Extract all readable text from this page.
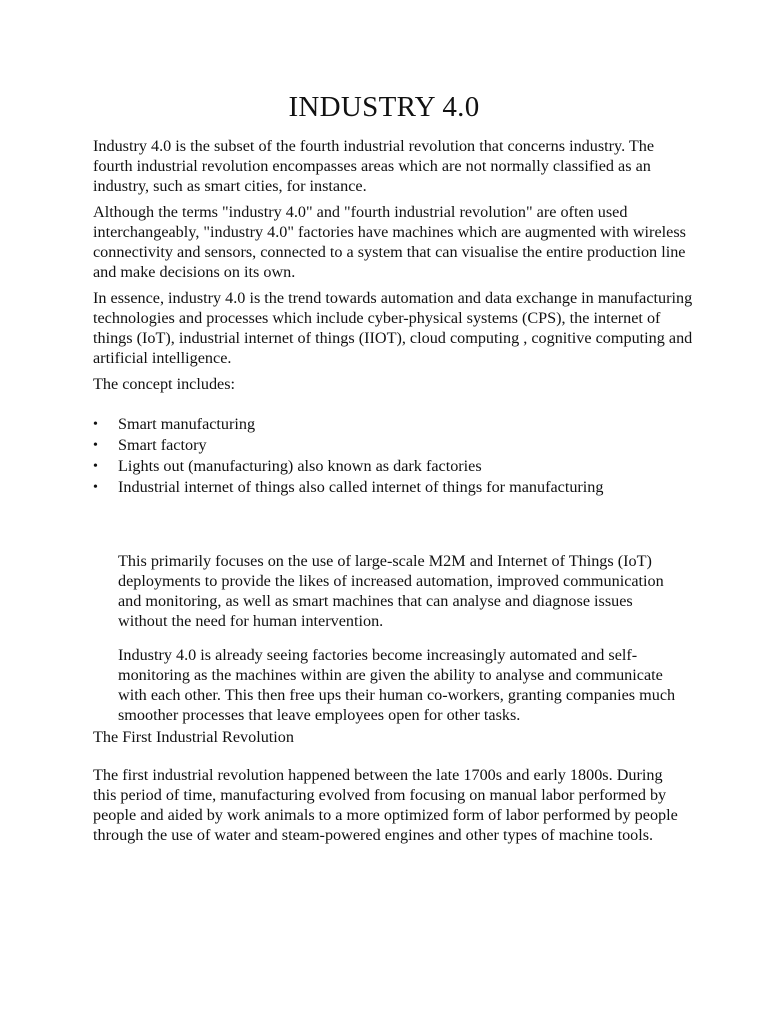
INDUSTRY 4.0

Industry 4.0 is the subset of the fourth industrial revolution that concerns industry. The fourth industrial revolution encompasses areas which are not normally classified as an industry, such as smart cities, for instance.

Although the terms "industry 4.0" and "fourth industrial revolution" are often used interchangeably, "industry 4.0" factories have machines which are augmented with wireless connectivity and sensors, connected to a system that can visualise the entire production line and make decisions on its own.

In essence, industry 4.0 is the trend towards automation and data exchange in manufacturing technologies and processes which include cyber-physical systems (CPS), the internet of things (IoT), industrial internet of things (IIOT), cloud computing , cognitive computing and artificial intelligence.

The concept includes:

• Smart manufacturing
• Smart factory
• Lights out (manufacturing) also known as dark factories
• Industrial internet of things also called internet of things for manufacturing

This primarily focuses on the use of large-scale M2M and Internet of Things (IoT) deployments to provide the likes of increased automation, improved communication and monitoring, as well as smart machines that can analyse and diagnose issues without the need for human intervention.

Industry 4.0 is already seeing factories become increasingly automated and self-monitoring as the machines within are given the ability to analyse and communicate with each other. This then free ups their human co-workers, granting companies much smoother processes that leave employees open for other tasks.

The First Industrial Revolution

The first industrial revolution happened between the late 1700s and early 1800s. During this period of time, manufacturing evolved from focusing on manual labor performed by people and aided by work animals to a more optimized form of labor performed by people through the use of water and steam-powered engines and other types of machine tools.
